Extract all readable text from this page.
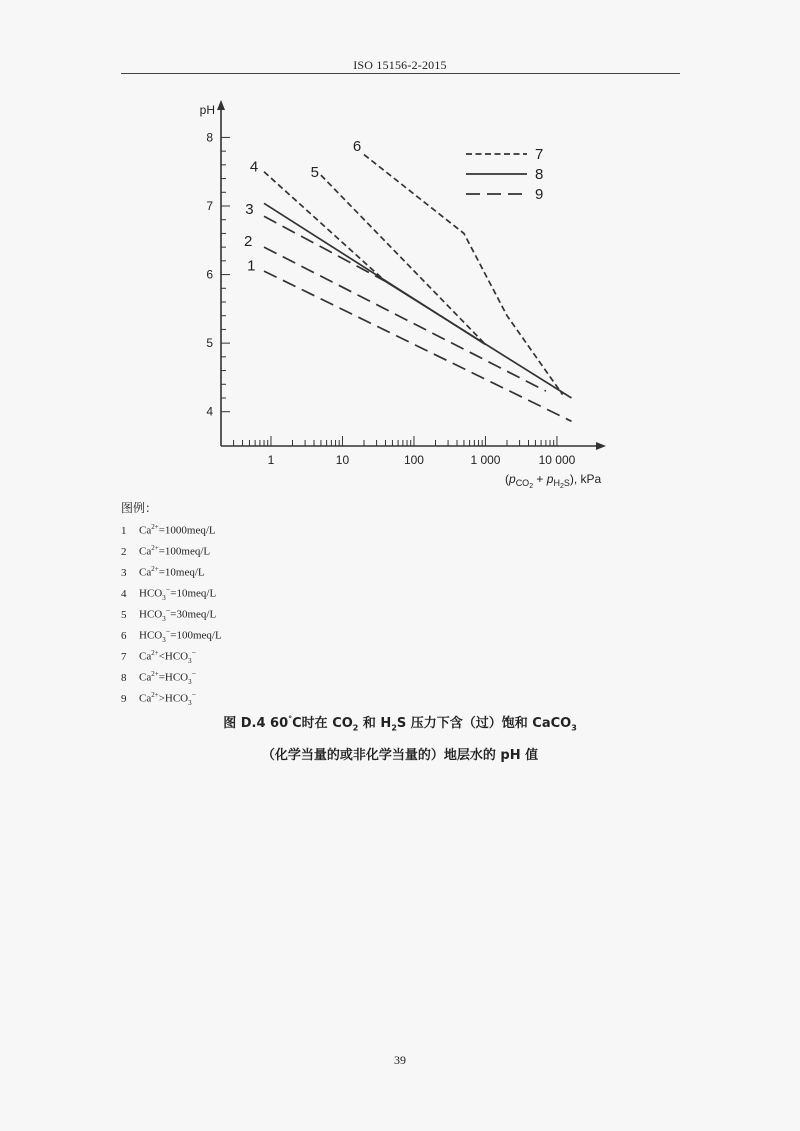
ISO 15156-2-2015
pH
4
5
6
7
8
1	10	100	1 000	10 000
$(p_{CO}2 + p_H2S)$, kPa
1
2
3
4	5
6	7
8
9
图例：
1 $Ca^{2+}=1000meq/L$
2 $Ca^{2+}=100meq/L$
3 $Ca^{2+}=10meq/L$
4 $HCO_3^-=10meq/L$
5 $HCO_3^-=30meq/L$
6 $HCO_3^-=100meq/L$
7 $Ca^{2+}<HCO_3^-$
8 $Ca^{2+}=HCO_3^-$
9 $Ca^{2+}>HCO_3^-$
图 D.4 60°C时在 $CO_2$ 和 $H_2S$ 压力下含（过）饱和 CaCO$_3$
（化学当量的或非化学当量的）地层水的 pH 值
39
